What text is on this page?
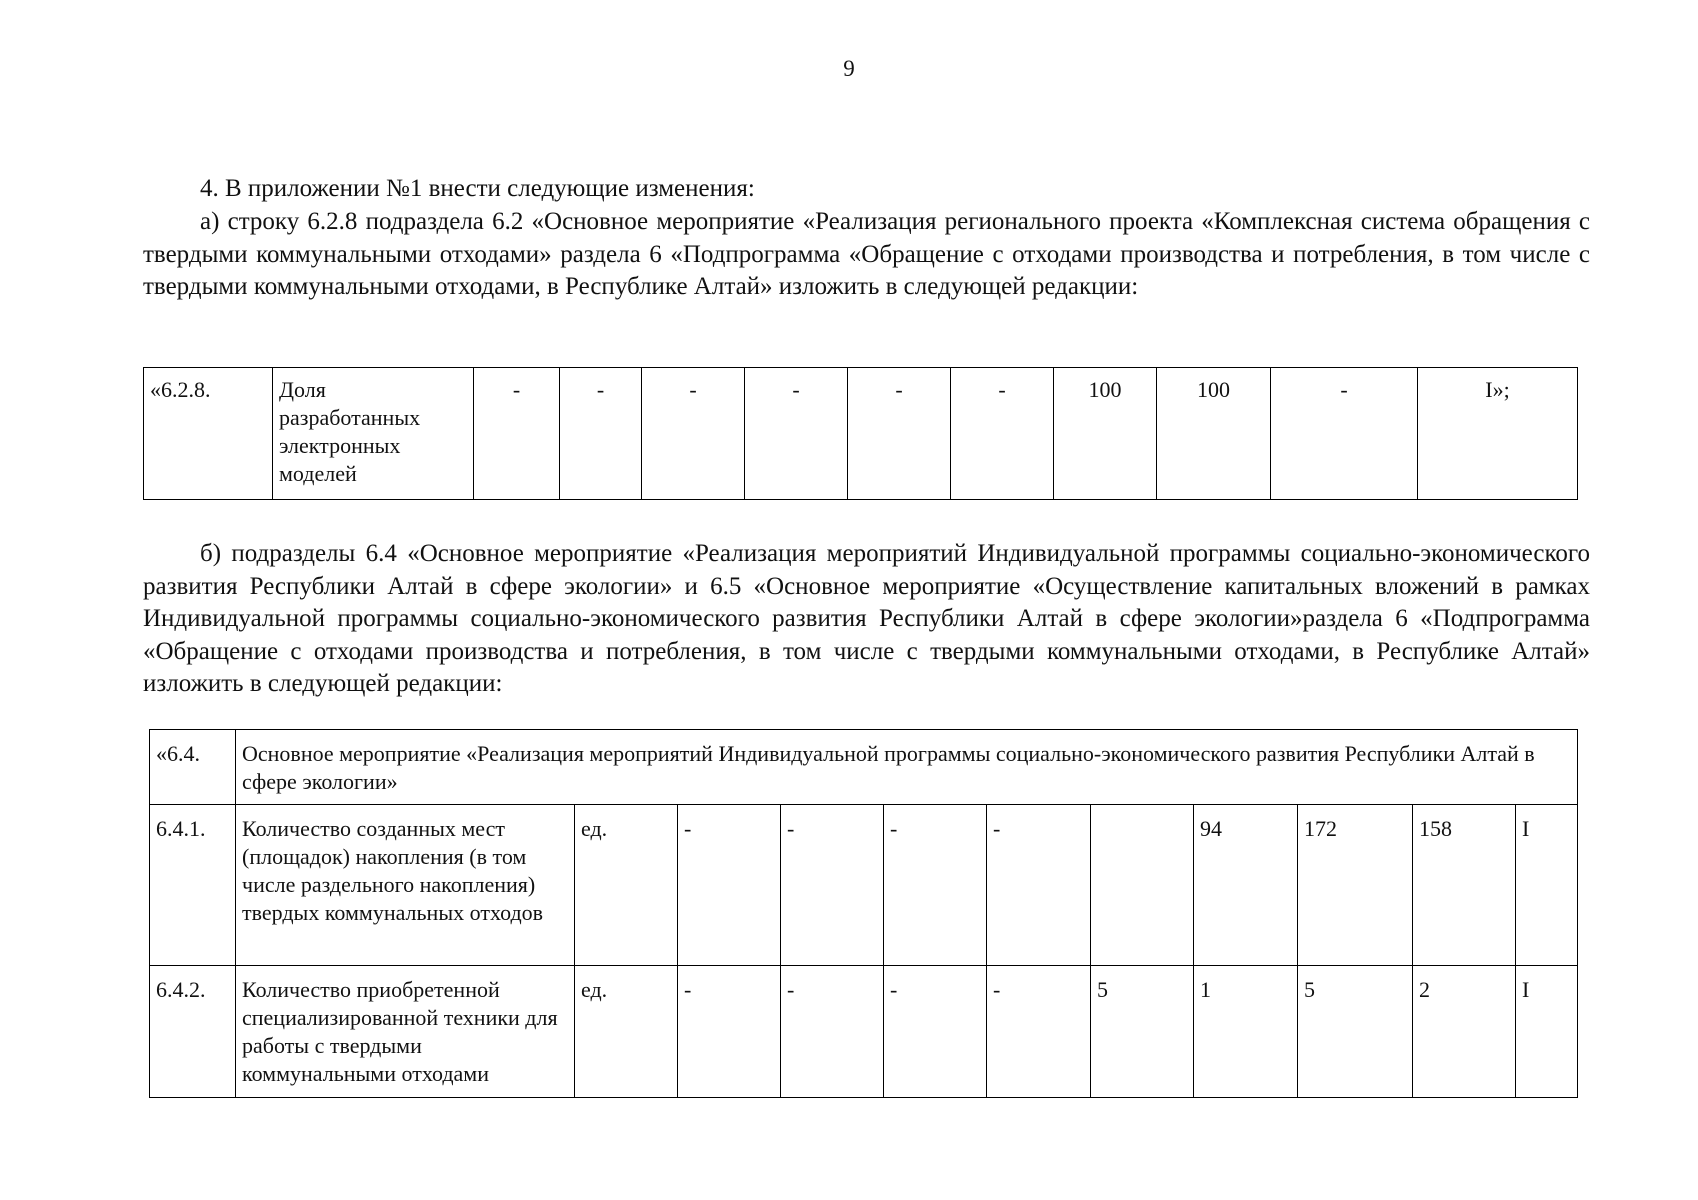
9

4. В приложении №1 внести следующие изменения:

а) строку 6.2.8 подраздела 6.2 «Основное мероприятие «Реализация регионального проекта «Комплексная система обращения с твердыми коммунальными отходами» раздела 6 «Подпрограмма «Обращение с отходами производства и потребления, в том числе с твердыми коммунальными отходами, в Республике Алтай» изложить в следующей редакции:

«6.2.8.	Доля разработанных электронных моделей	-	-	-	-	-	-	100	100	-	I»;

б) подразделы 6.4 «Основное мероприятие «Реализация мероприятий Индивидуальной программы социально-экономического развития Республики Алтай в сфере экологии» и 6.5 «Основное мероприятие «Осуществление капитальных вложений в рамках Индивидуальной программы социально-экономического развития Республики Алтай в сфере экологии»раздела 6 «Подпрограмма «Обращение с отходами производства и потребления, в том числе с твердыми коммунальными отходами, в Республике Алтай» изложить в следующей редакции:

«6.4.	Основное мероприятие «Реализация мероприятий Индивидуальной программы социально-экономического развития Республики Алтай в сфере экологии»										
6.4.1.	Количество созданных мест (площадок) накопления (в том числе раздельного накопления) твердых коммунальных отходов	ед.	-	-	-	-		94	172	158	I
6.4.2.	Количество приобретенной специализированной техники для работы с твердыми коммунальными отходами	ед.	-	-	-	-	5	1	5	2	I
